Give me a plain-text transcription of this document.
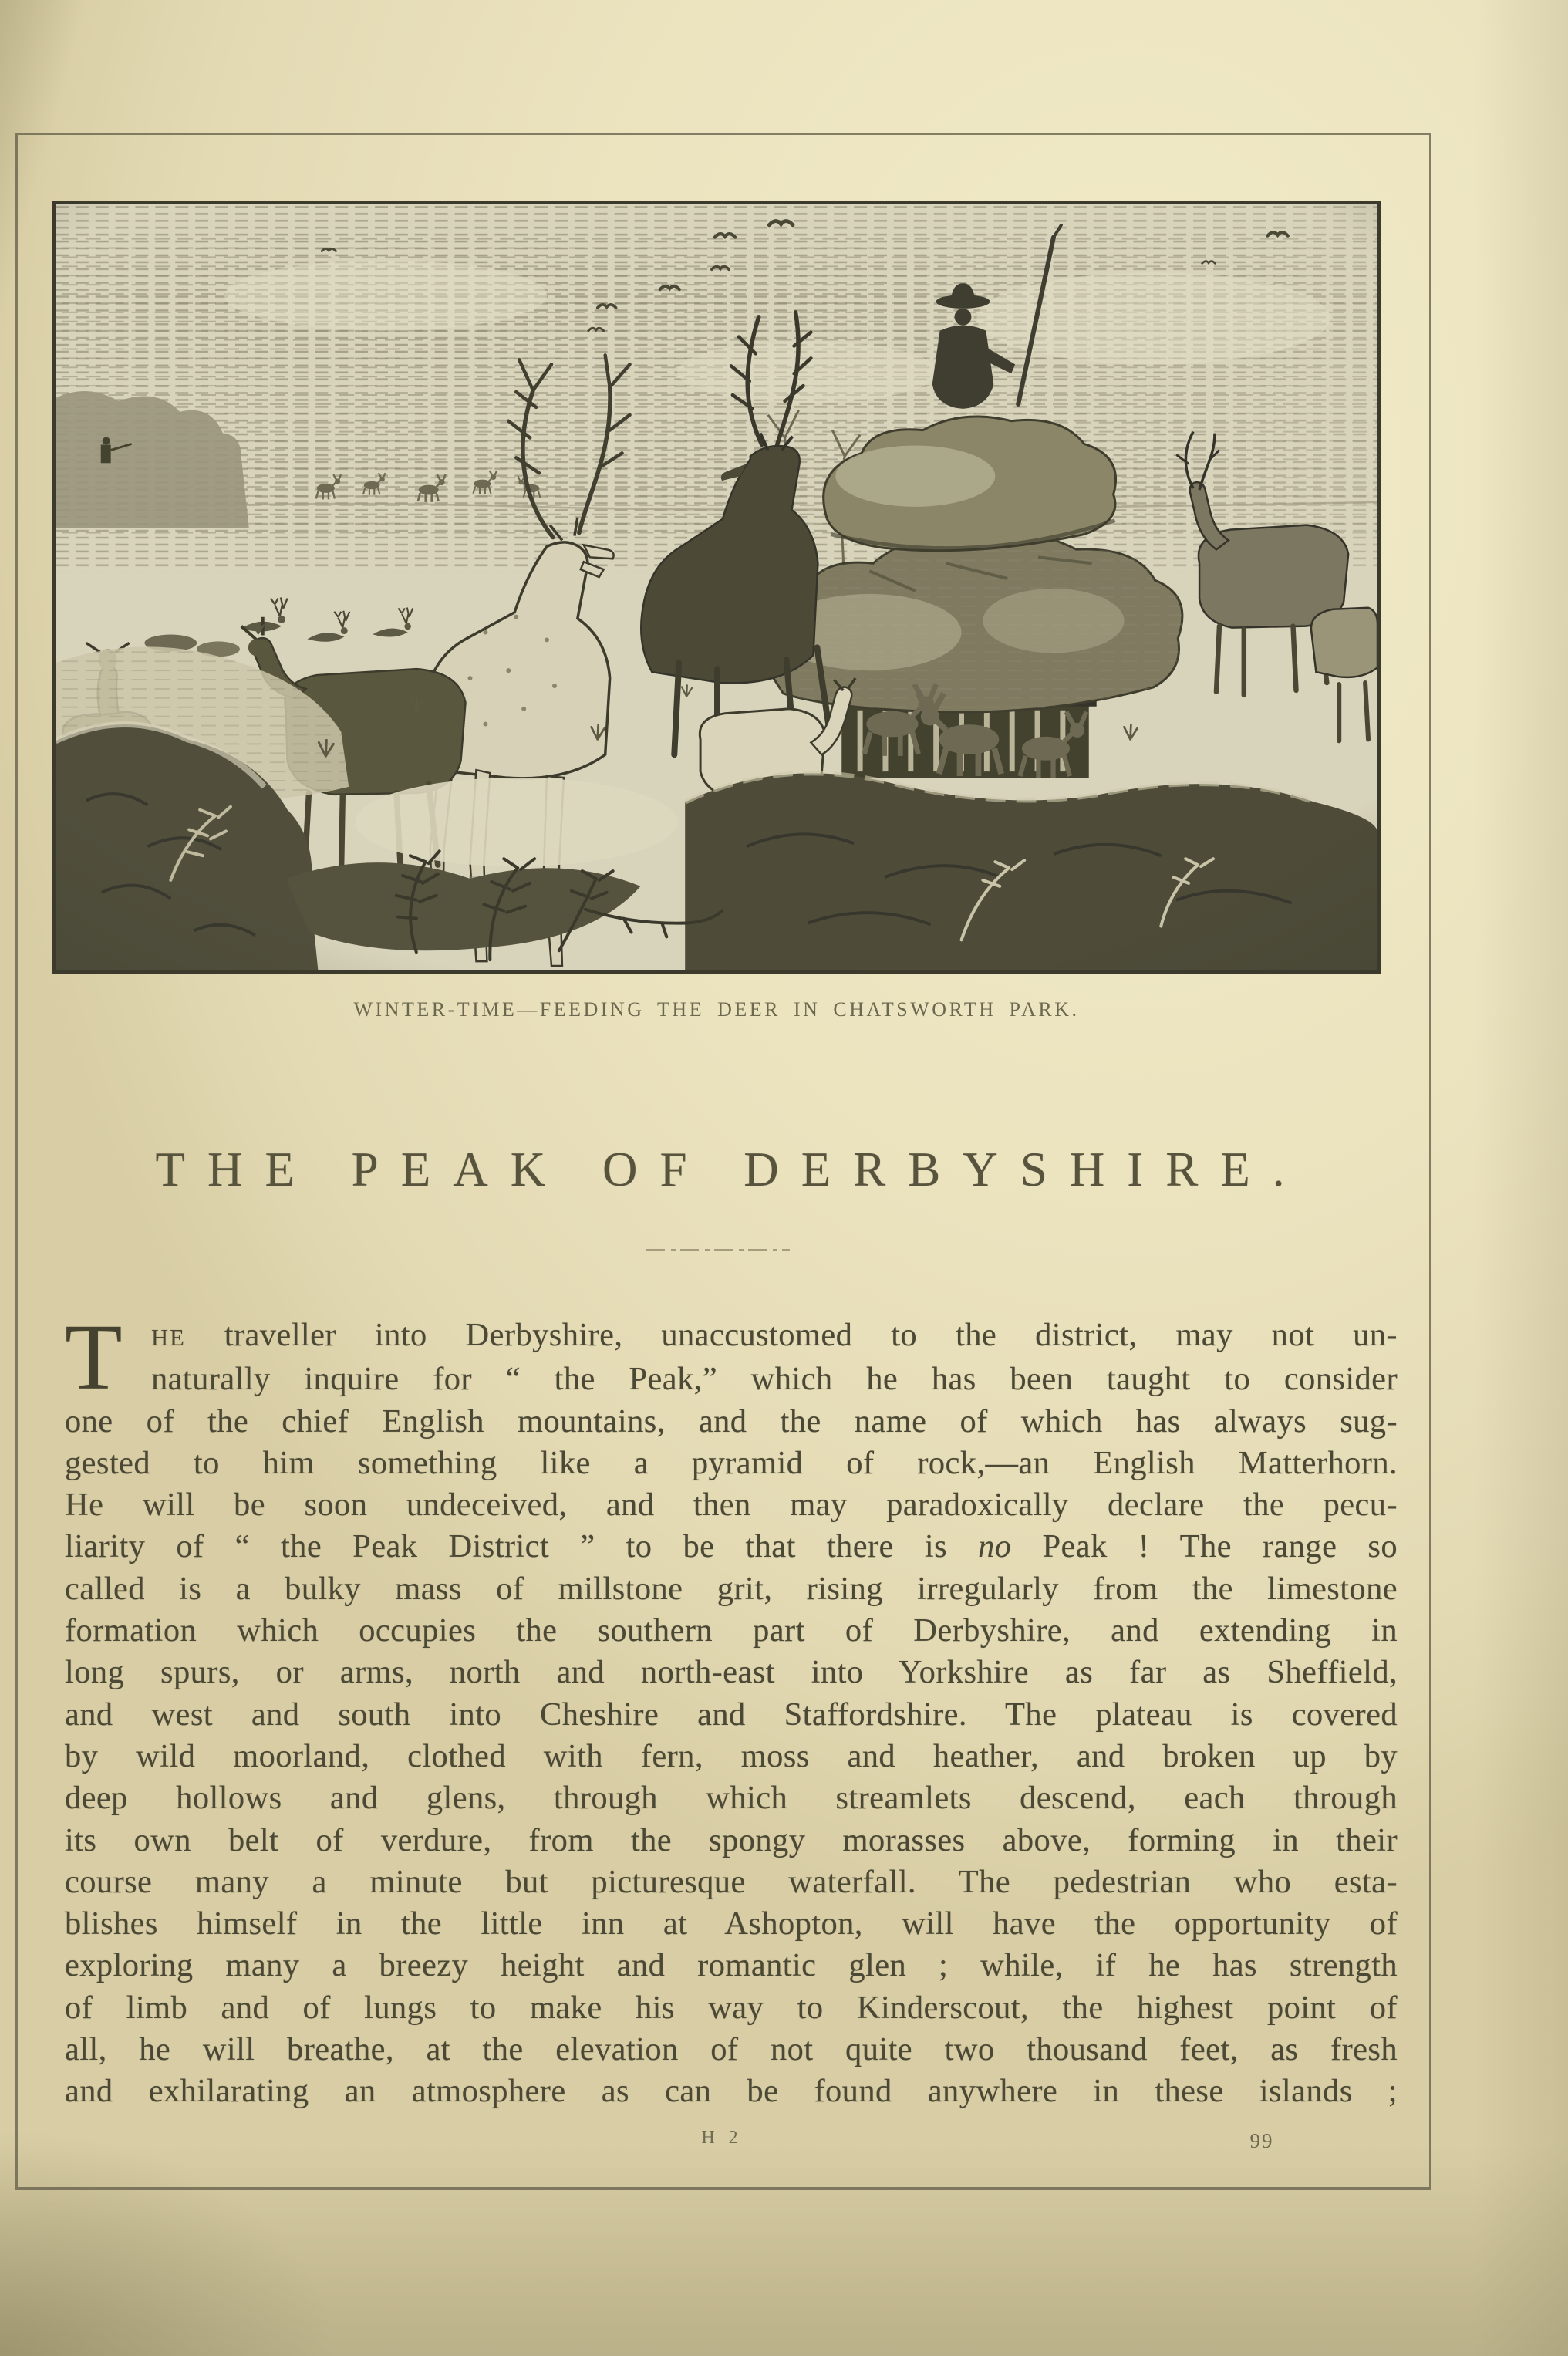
WINTER-TIME—FEEDING THE DEER IN CHATSWORTH PARK.
THE PEAK OF DERBYSHIRE.
T	HE traveller into Derbyshire, unaccustomed to the district, may not un-
naturally inquire for “ the Peak,” which he has been taught to consider
one of the chief English mountains, and the name of which has always sug-
gested to him something like a pyramid of rock,—an English Matterhorn.
He will be soon undeceived, and then may paradoxically declare the pecu-
liarity of “ the Peak District ” to be that there is no Peak ! The range so
called is a bulky mass of millstone grit, rising irregularly from the limestone
formation which occupies the southern part of Derbyshire, and extending in
long spurs, or arms, north and north-east into Yorkshire as far as Sheffield,
and west and south into Cheshire and Staffordshire. The plateau is covered
by wild moorland, clothed with fern, moss and heather, and broken up by
deep hollows and glens, through which streamlets descend, each through
its own belt of verdure, from the spongy morasses above, forming in their
course many a minute but picturesque waterfall. The pedestrian who esta-
blishes himself in the little inn at Ashopton, will have the opportunity of
exploring many a breezy height and romantic glen ; while, if he has strength
of limb and of lungs to make his way to Kinderscout, the highest point of
all, he will breathe, at the elevation of not quite two thousand feet, as fresh
and exhilarating an atmosphere as can be found anywhere in these islands ;
H 2	99
